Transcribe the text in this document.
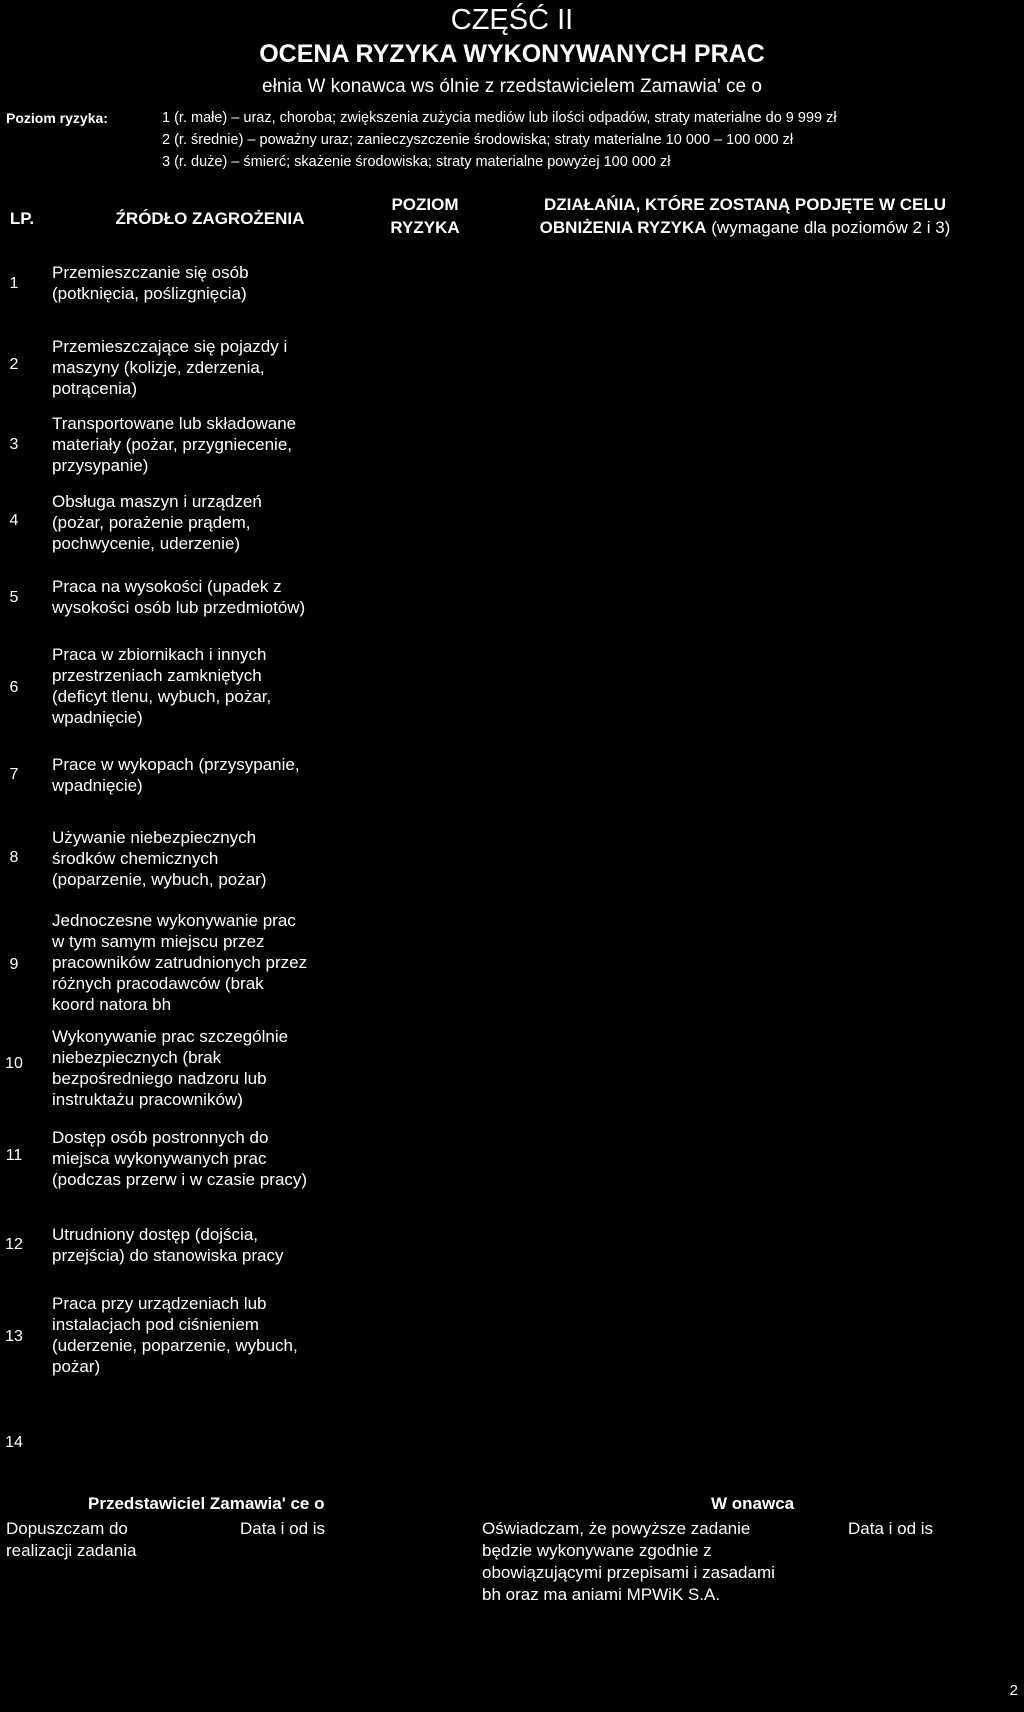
CZĘŚĆ II
OCENA RYZYKA WYKONYWANYCH PRAC
ełnia W konawca ws ólnie z rzedstawicielem Zamawia' ce o
Poziom ryzyka:	1 (r. małe) – uraz, choroba; zwiększenia zużycia mediów lub ilości odpadów, straty materialne do 9 999 zł
2 (r. średnie) – poważny uraz; zanieczyszczenie środowiska; straty materialne 10 000 – 100 000 zł
3 (r. duże) – śmierć; skażenie środowiska; straty materialne powyżej 100 000 zł
LP.	ŹRÓDŁO ZAGROŻENIA
POZIOM
RYZYKA
DZIAŁAŃIA, KTÓRE ZOSTANĄ PODJĘTE W CELU
OBNIŻENIA RYZYKA (wymagane dla poziomów 2 i 3)
1
Przemieszczanie się osób
(potknięcia, poślizgnięcia)
2
Przemieszczające się pojazdy i
maszyny (kolizje, zderzenia,
potrącenia)
3
Transportowane lub składowane
materiały (pożar, przygniecenie,
przysypanie)
4
Obsługa maszyn i urządzeń
(pożar, porażenie prądem,
pochwycenie, uderzenie)
5
Praca na wysokości (upadek z
wysokości osób lub przedmiotów)
6
Praca w zbiornikach i innych
przestrzeniach zamkniętych
(deficyt tlenu, wybuch, pożar,
wpadnięcie)
7
Prace w wykopach (przysypanie,
wpadnięcie)
8
Używanie niebezpiecznych
środków chemicznych
(poparzenie, wybuch, pożar)
9
Jednoczesne wykonywanie prac
w tym samym miejscu przez
pracowników zatrudnionych przez
różnych pracodawców (brak
koord natora bh
10
Wykonywanie prac szczególnie
niebezpiecznych (brak
bezpośredniego nadzoru lub
instruktażu pracowników)
11
Dostęp osób postronnych do
miejsca wykonywanych prac
(podczas przerw i w czasie pracy)
12
Utrudniony dostęp (dojścia,
przejścia) do stanowiska pracy
13
Praca przy urządzeniach lub
instalacjach pod ciśnieniem
(uderzenie, poparzenie, wybuch,
pożar)
14
Przedstawiciel Zamawia' ce o
Dopuszczam do
realizacji zadania
Data i od is
W onawca
Oświadczam, że powyższe zadanie
będzie wykonywane zgodnie z
obowiązującymi przepisami i zasadami
bh oraz ma aniami MPWiK S.A.
Data i od is
2
